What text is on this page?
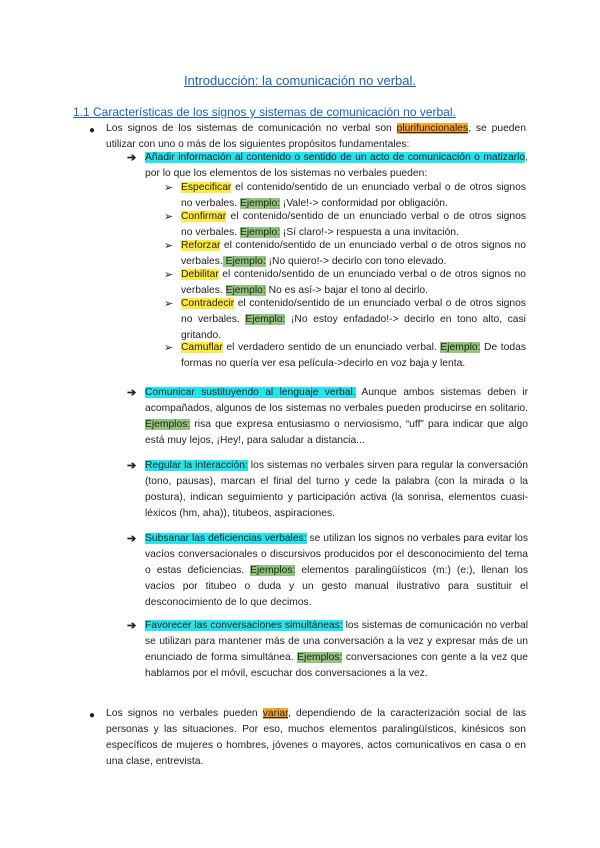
Introducción: la comunicación no verbal.
1.1 Características de los signos y sistemas de comunicación no verbal.
● Los signos de los sistemas de comunicación no verbal son plurifuncionales, se pueden utilizar con uno o más de los siguientes propósitos fundamentales:
➔ Añadir información al contenido o sentido de un acto de comunicación o matizarlo, por lo que los elementos de los sistemas no verbales pueden:
➢ Especificar el contenido/sentido de un enunciado verbal o de otros signos no verbales. Ejemplo: ¡Vale!-> conformidad por obligación.
➢ Confirmar el contenido/sentido de un enunciado verbal o de otros signos no verbales. Ejemplo: ¡Sí claro!-> respuesta a una invitación.
➢ Reforzar el contenido/sentido de un enunciado verbal o de otros signos no verbales. Ejemplo: ¡No quiero!-> decirlo con tono elevado.
➢ Debilitar el contenido/sentido de un enunciado verbal o de otros signos no verbales. Ejemplo: No es así-> bajar el tono al decirlo.
➢ Contradecir el contenido/sentido de un enunciado verbal o de otros signos no verbales. Ejemplo: ¡No estoy enfadado!-> decirlo en tono alto, casi gritando.
➢ Camuflar el verdadero sentido de un enunciado verbal. Ejemplo: De todas formas no quería ver esa película->decirlo en voz baja y lenta.
➔ Comunicar sustituyendo al lenguaje verbal. Aunque ambos sistemas deben ir acompañados, algunos de los sistemas no verbales pueden producirse en solitario. Ejemplos: risa que expresa entusiasmo o nerviosismo, “uff” para indicar que algo está muy lejos, ¡Hey!, para saludar a distancia...
➔ Regular la interacción: los sistemas no verbales sirven para regular la conversación (tono, pausas), marcan el final del turno y cede la palabra (con la mirada o la postura), indican seguimiento y participación activa (la sonrisa, elementos cuasi-léxicos (hm, aha)), titubeos, aspiraciones.
➔ Subsanar las deficiencias verbales: se utilizan los signos no verbales para evitar los vacíos conversacionales o discursivos producidos por el desconocimiento del tema o estas deficiencias. Ejemplos: elementos paralingüísticos (m:) (e:), llenan los vacíos por titubeo o duda y un gesto manual ilustrativo para sustituir el desconocimiento de lo que decimos.
➔ Favorecer las conversaciones simultáneas: los sistemas de comunicación no verbal se utilizan para mantener más de una conversación a la vez y expresar más de un enunciado de forma simultánea. Ejemplos: conversaciones con gente a la vez que hablamos por el móvil, escuchar dos conversaciones a la vez.
● Los signos no verbales pueden variar, dependiendo de la caracterización social de las personas y las situaciones. Por eso, muchos elementos paralingüísticos, kinésicos son específicos de mujeres o hombres, jóvenes o mayores, actos comunicativos en casa o en una clase, entrevista.
